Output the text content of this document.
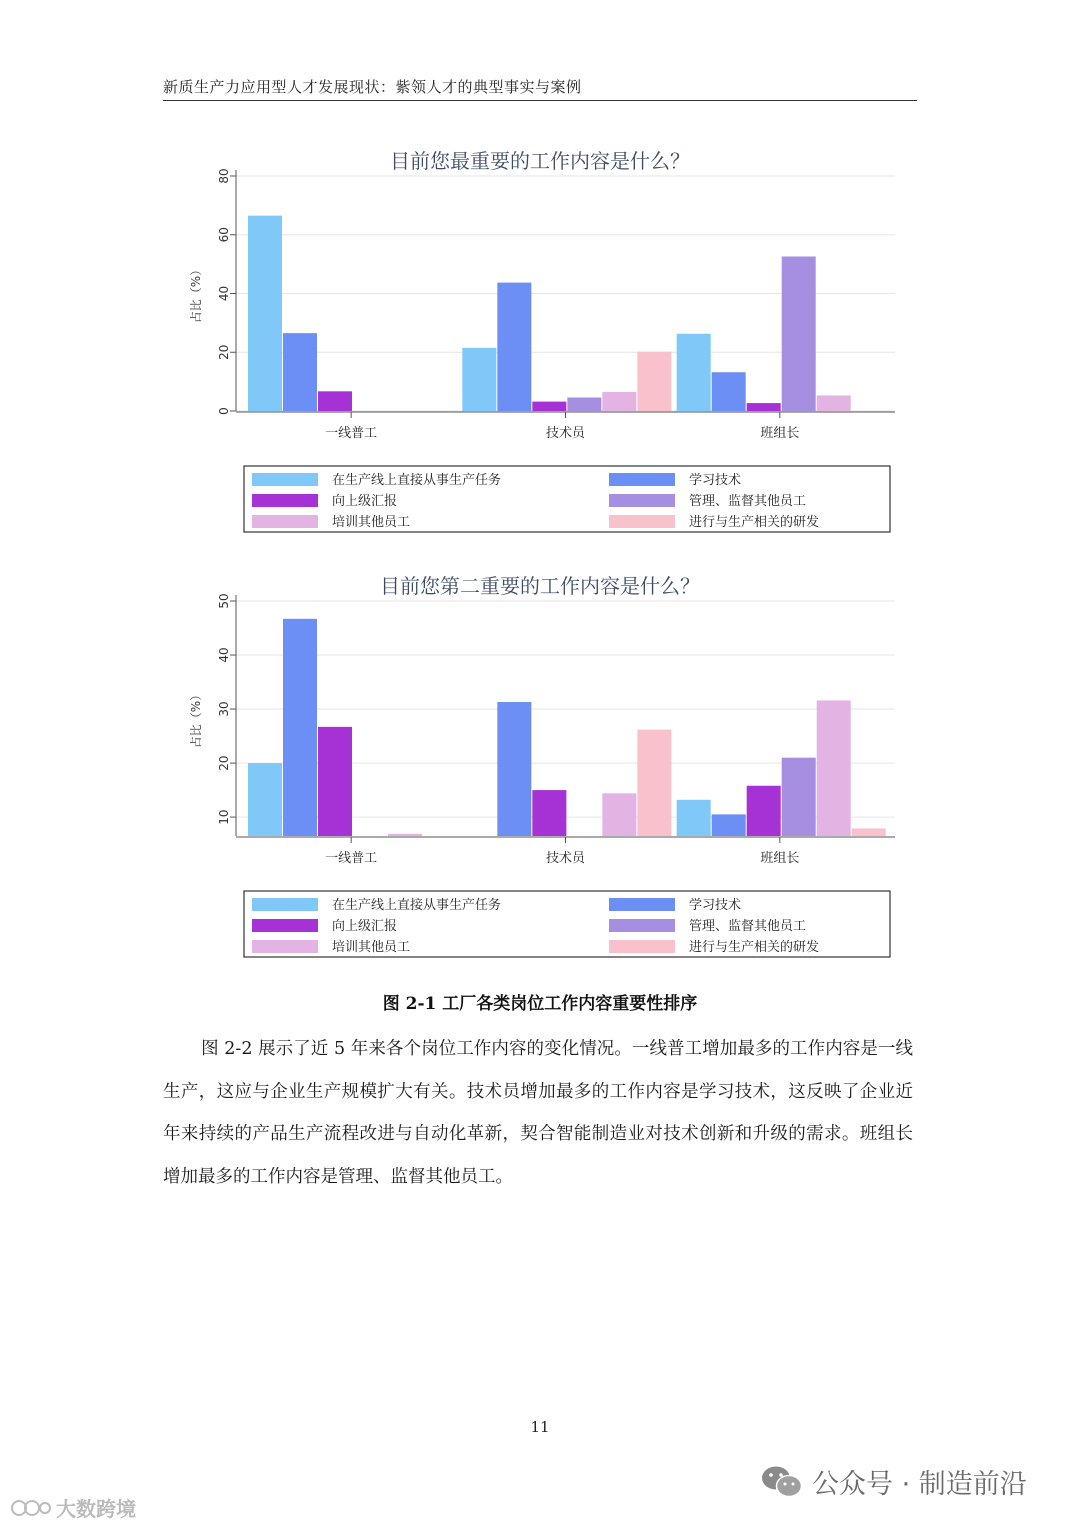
新质生产力应用型人才发展现状：紫领人才的典型事实与案例
目前您最重要的工作内容是什么？
0
20
40
60
80
占比（%）
一线普工	技术员	班组长
在生产线上直接从事生产任务	学习技术
向上级汇报	管理、监督其他员工
培训其他员工	进行与生产相关的研发
目前您第二重要的工作内容是什么？
10
20
30
40
50
占比（%）
一线普工	技术员	班组长
在生产线上直接从事生产任务	学习技术
向上级汇报	管理、监督其他员工
培训其他员工	进行与生产相关的研发
图 2-1 工厂各类岗位工作内容重要性排序
图 2-2 展示了近 5 年来各个岗位工作内容的变化情况。一线普工增加最多的工作内容是一线生产，这应与企业生产规模扩大有关。技术员增加最多的工作内容是学习技术，这反映了企业近年来持续的产品生产流程改进与自动化革新，契合智能制造业对技术创新和升级的需求。班组长增加最多的工作内容是管理、监督其他员工。
11
公众号 · 制造前沿
大数跨境
